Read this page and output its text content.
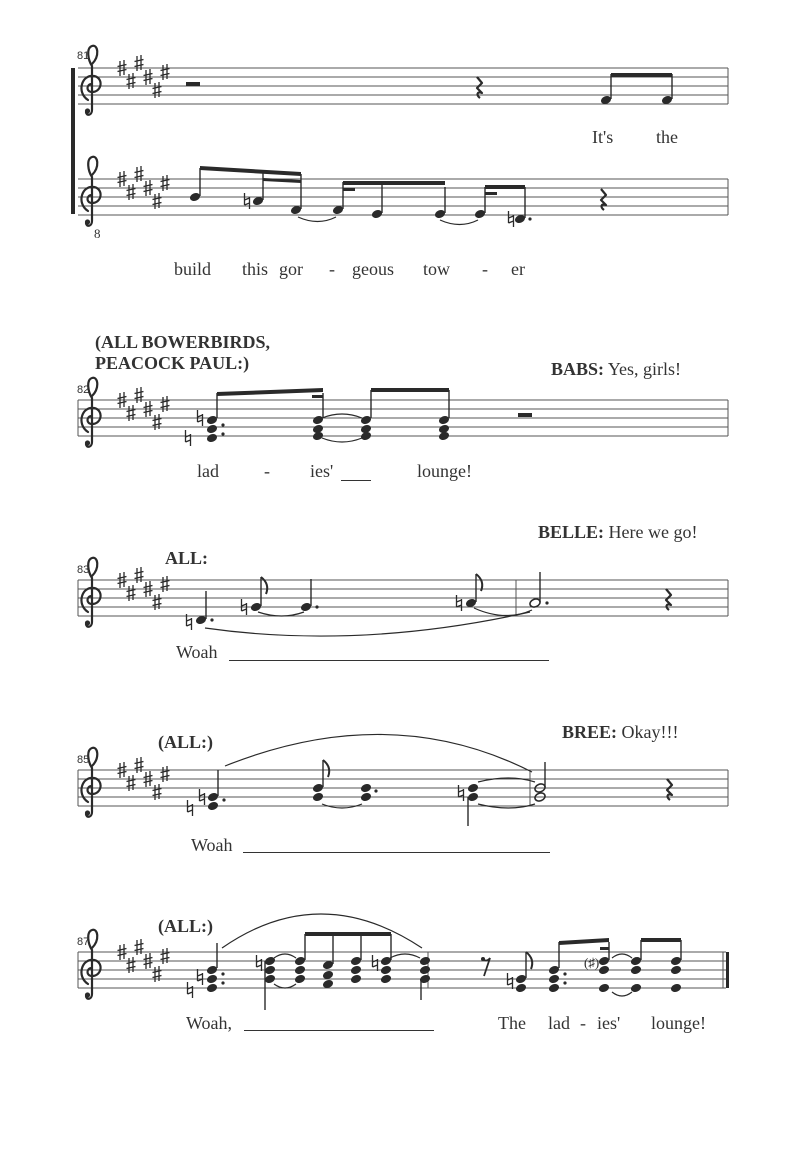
(♯)
81
It's the
8
build this gor - geous tow - er
(ALL BOWERBIRDS,
PEACOCK PAUL:)	BABS: Yes, girls!
82
lad	- ies'	lounge!
BELLE: Here we go!
ALL:
83
Woah
BREE: Okay!!!
(ALL:)
85
Woah
(ALL:)
87
Woah,	The lad - ies' lounge!
